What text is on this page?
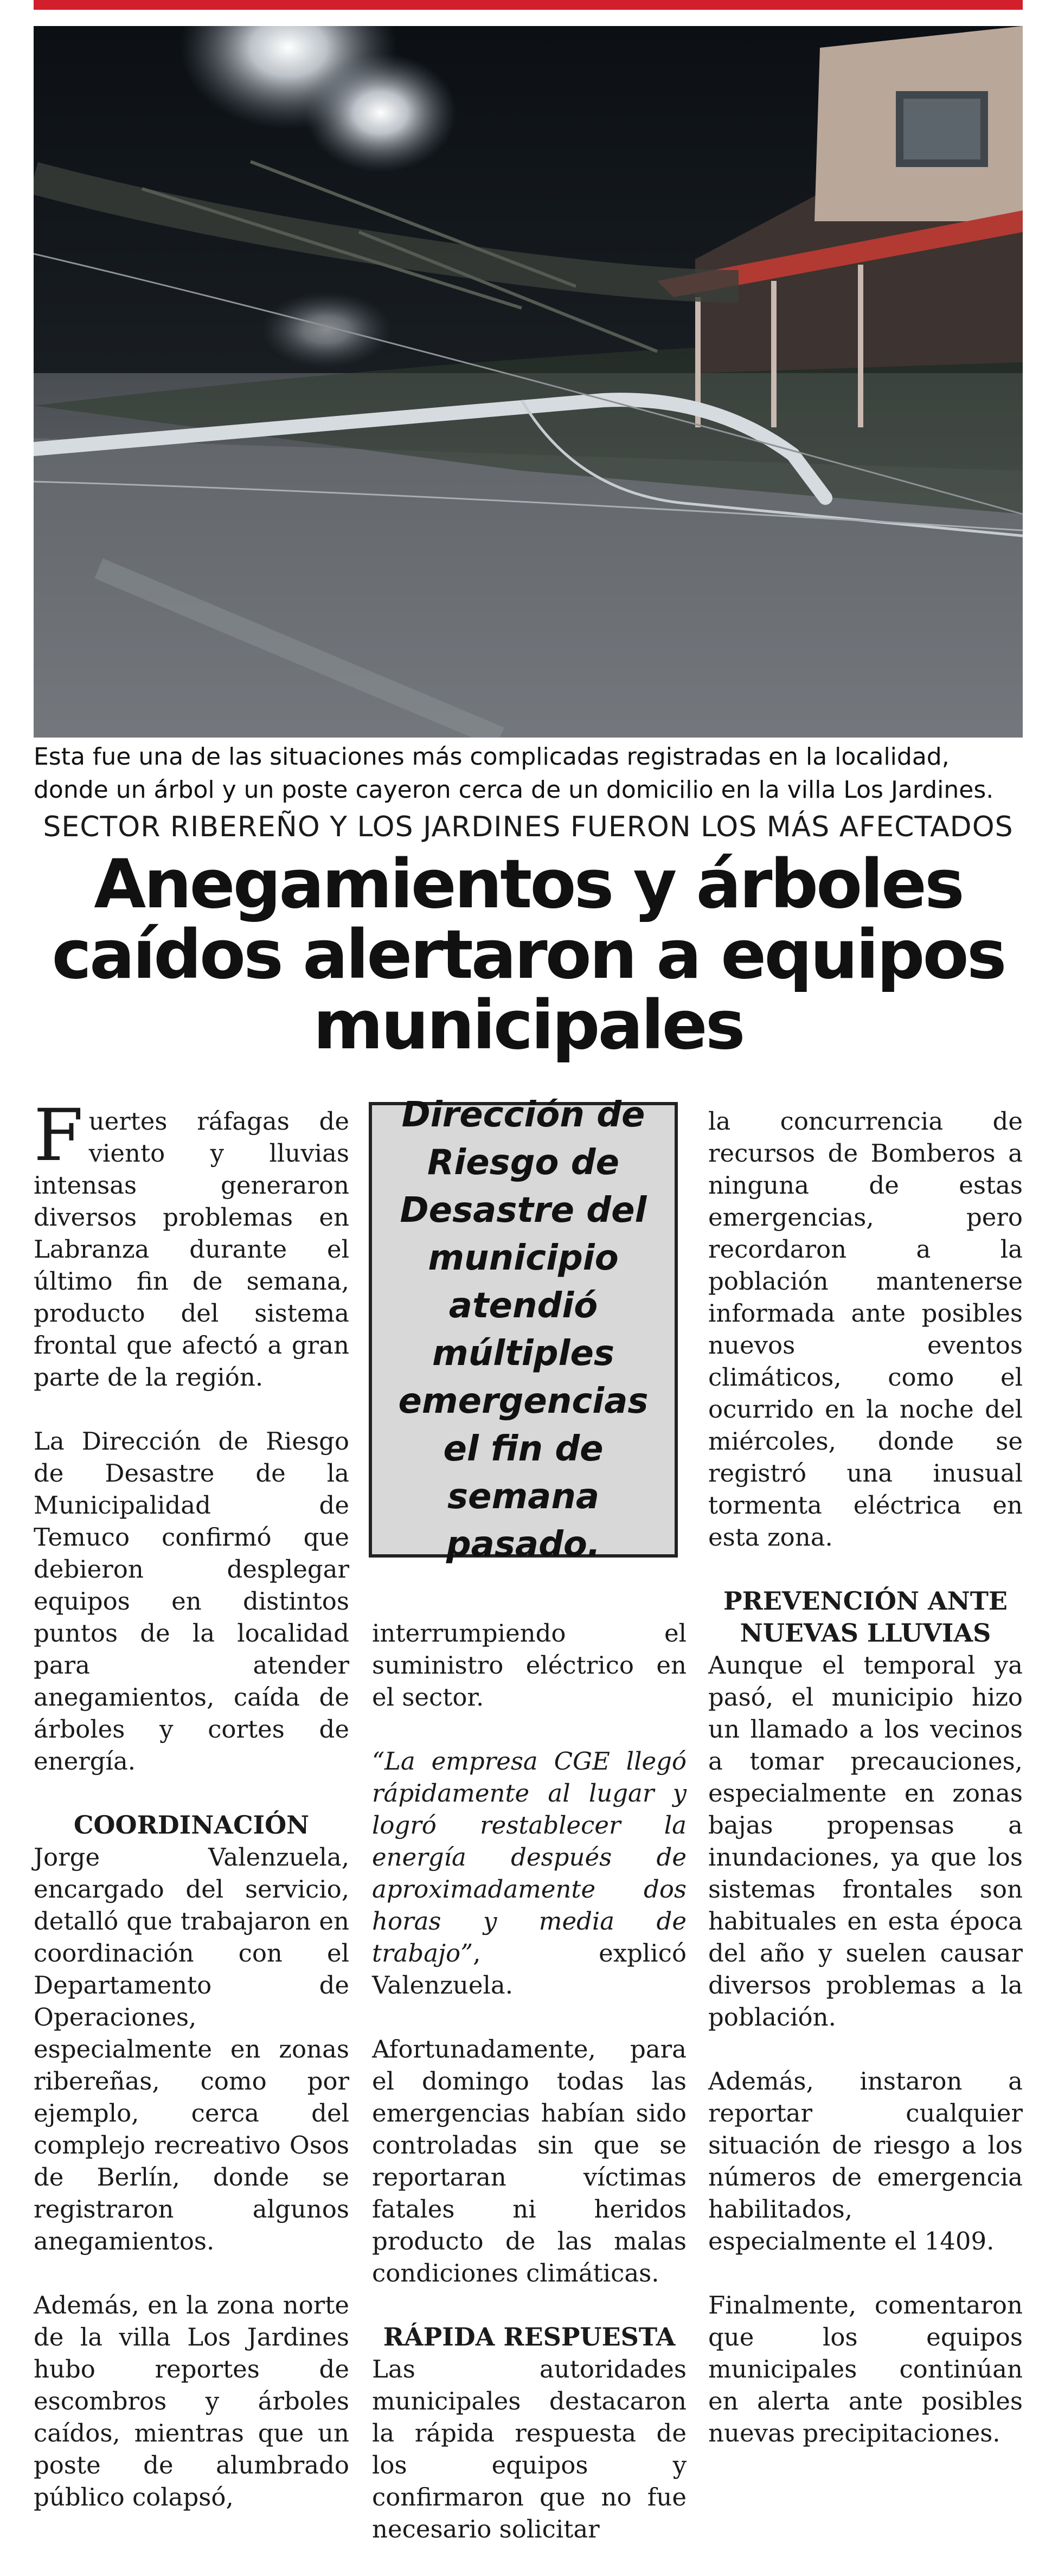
Esta fue una de las situaciones más complicadas registradas en la localidad, donde un árbol y un poste cayeron cerca de un domicilio en la villa Los Jardines.
SECTOR RIBEREÑO Y LOS JARDINES FUERON LOS MÁS AFECTADOS
Anegamientos y árboles caídos alertaron a equipos municipales

Fuertes ráfagas de viento y lluvias intensas generaron diversos problemas en Labranza durante el último fin de semana, producto del sistema frontal que afectó a gran parte de la región.

La Dirección de Riesgo de Desastre de la Municipalidad de Temuco confirmó que debieron desplegar equipos en distintos puntos de la localidad para atender anegamientos, caída de árboles y cortes de energía.

COORDINACIÓN

Jorge Valenzuela, encargado del servicio, detalló que trabajaron en coordinación con el Departamento de Operaciones, especialmente en zonas ribereñas, como por ejemplo, cerca del complejo recreativo Osos de Berlín, donde se registraron algunos anegamientos.

Además, en la zona norte de la villa Los Jardines hubo reportes de escombros y árboles caídos, mientras que un poste de alumbrado público colapsó,

Dirección de Riesgo de Desastre del municipio atendió múltiples emergencias el fin de semana pasado.

interrumpiendo el suministro eléctrico en el sector.

“La empresa CGE llegó rápidamente al lugar y logró restablecer la energía después de aproximadamente dos horas y media de trabajo”, explicó Valenzuela.

Afortunadamente, para el domingo todas las emergencias habían sido controladas sin que se reportaran víctimas fatales ni heridos producto de las malas condiciones climáticas.

RÁPIDA RESPUESTA

Las autoridades municipales destacaron la rápida respuesta de los equipos y confirmaron que no fue necesario solicitar

la concurrencia de recursos de Bomberos a ninguna de estas emergencias, pero recordaron a la población mantenerse informada ante posibles nuevos eventos climáticos, como el ocurrido en la noche del miércoles, donde se registró una inusual tormenta eléctrica en esta zona.

PREVENCIÓN ANTE NUEVAS LLUVIAS

Aunque el temporal ya pasó, el municipio hizo un llamado a los vecinos a tomar precauciones, especialmente en zonas bajas propensas a inundaciones, ya que los sistemas frontales son habituales en esta época del año y suelen causar diversos problemas a la población.

Además, instaron a reportar cualquier situación de riesgo a los números de emergencia habilitados, especialmente el 1409.

Finalmente, comentaron que los equipos municipales continúan en alerta ante posibles nuevas precipitaciones.
